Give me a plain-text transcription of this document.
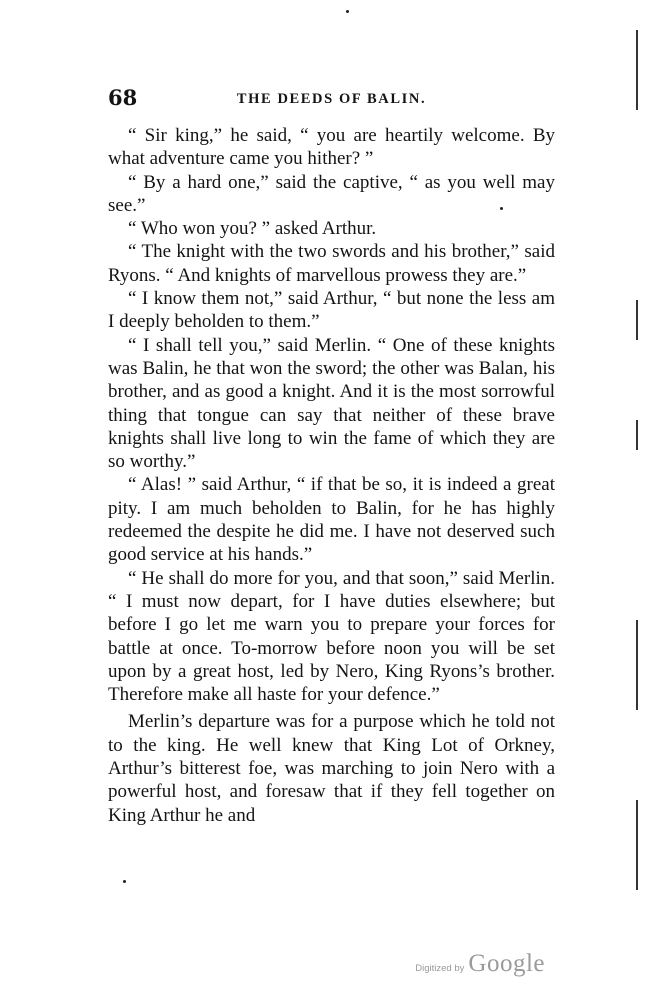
68	THE DEEDS OF BALIN.

“ Sir king,” he said, “ you are heartily welcome. By what adventure came you hither? ”

“ By a hard one,” said the captive, “ as you well may see.”

“ Who won you? ” asked Arthur.

“ The knight with the two swords and his brother,” said Ryons. “ And knights of marvellous prowess they are.”

“ I know them not,” said Arthur, “ but none the less am I deeply beholden to them.”

“ I shall tell you,” said Merlin. “ One of these knights was Balin, he that won the sword; the other was Balan, his brother, and as good a knight. And it is the most sorrowful thing that tongue can say that neither of these brave knights shall live long to win the fame of which they are so worthy.”

“ Alas! ” said Arthur, “ if that be so, it is indeed a great pity. I am much beholden to Balin, for he has highly redeemed the despite he did me. I have not deserved such good service at his hands.”

“ He shall do more for you, and that soon,” said Merlin. “ I must now depart, for I have duties elsewhere; but before I go let me warn you to prepare your forces for battle at once. To-morrow before noon you will be set upon by a great host, led by Nero, King Ryons’s brother. Therefore make all haste for your defence.”

Merlin’s departure was for a purpose which he told not to the king. He well knew that King Lot of Orkney, Arthur’s bitterest foe, was marching to join Nero with a powerful host, and foresaw that if they fell together on King Arthur he and

Digitized by Google
